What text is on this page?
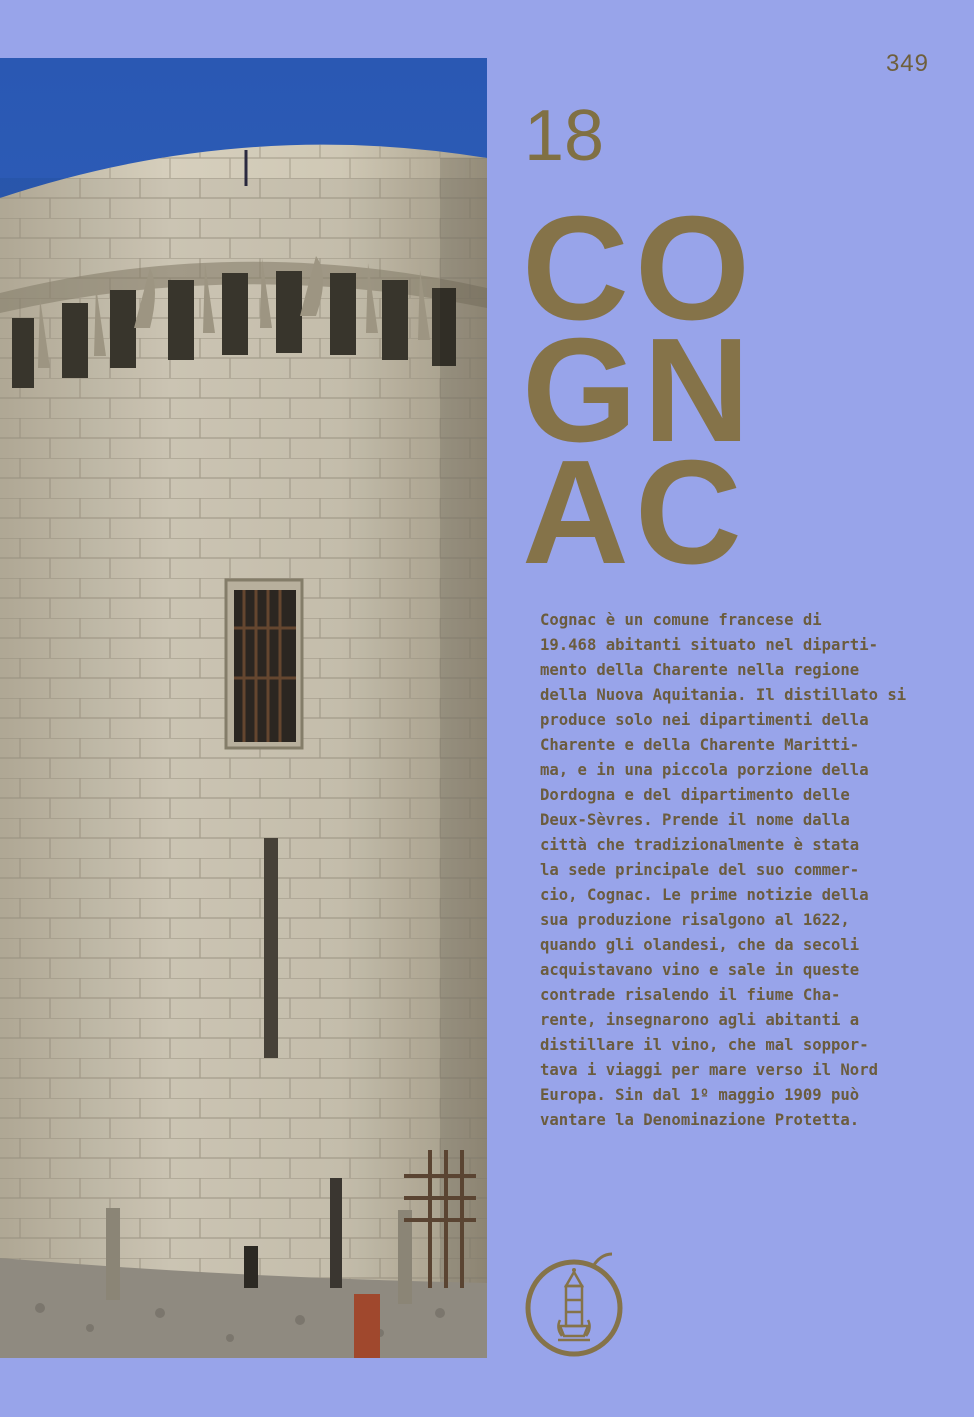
349
18
CO
GN
AC

Cognac è un comune francese di
19.468 abitanti situato nel diparti-
mento della Charente nella regione
della Nuova Aquitania. Il distillato si
produce solo nei dipartimenti della
Charente e della Charente Maritti-
ma, e in una piccola porzione della
Dordogna e del dipartimento delle
Deux-Sèvres. Prende il nome dalla
città che tradizionalmente è stata
la sede principale del suo commer-
cio, Cognac. Le prime notizie della
sua produzione risalgono al 1622,
quando gli olandesi, che da secoli
acquistavano vino e sale in queste
contrade risalendo il fiume Cha-
rente, insegnarono agli abitanti a
distillare il vino, che mal soppor-
tava i viaggi per mare verso il Nord
Europa. Sin dal 1º maggio 1909 può
vantare la Denominazione Protetta.
